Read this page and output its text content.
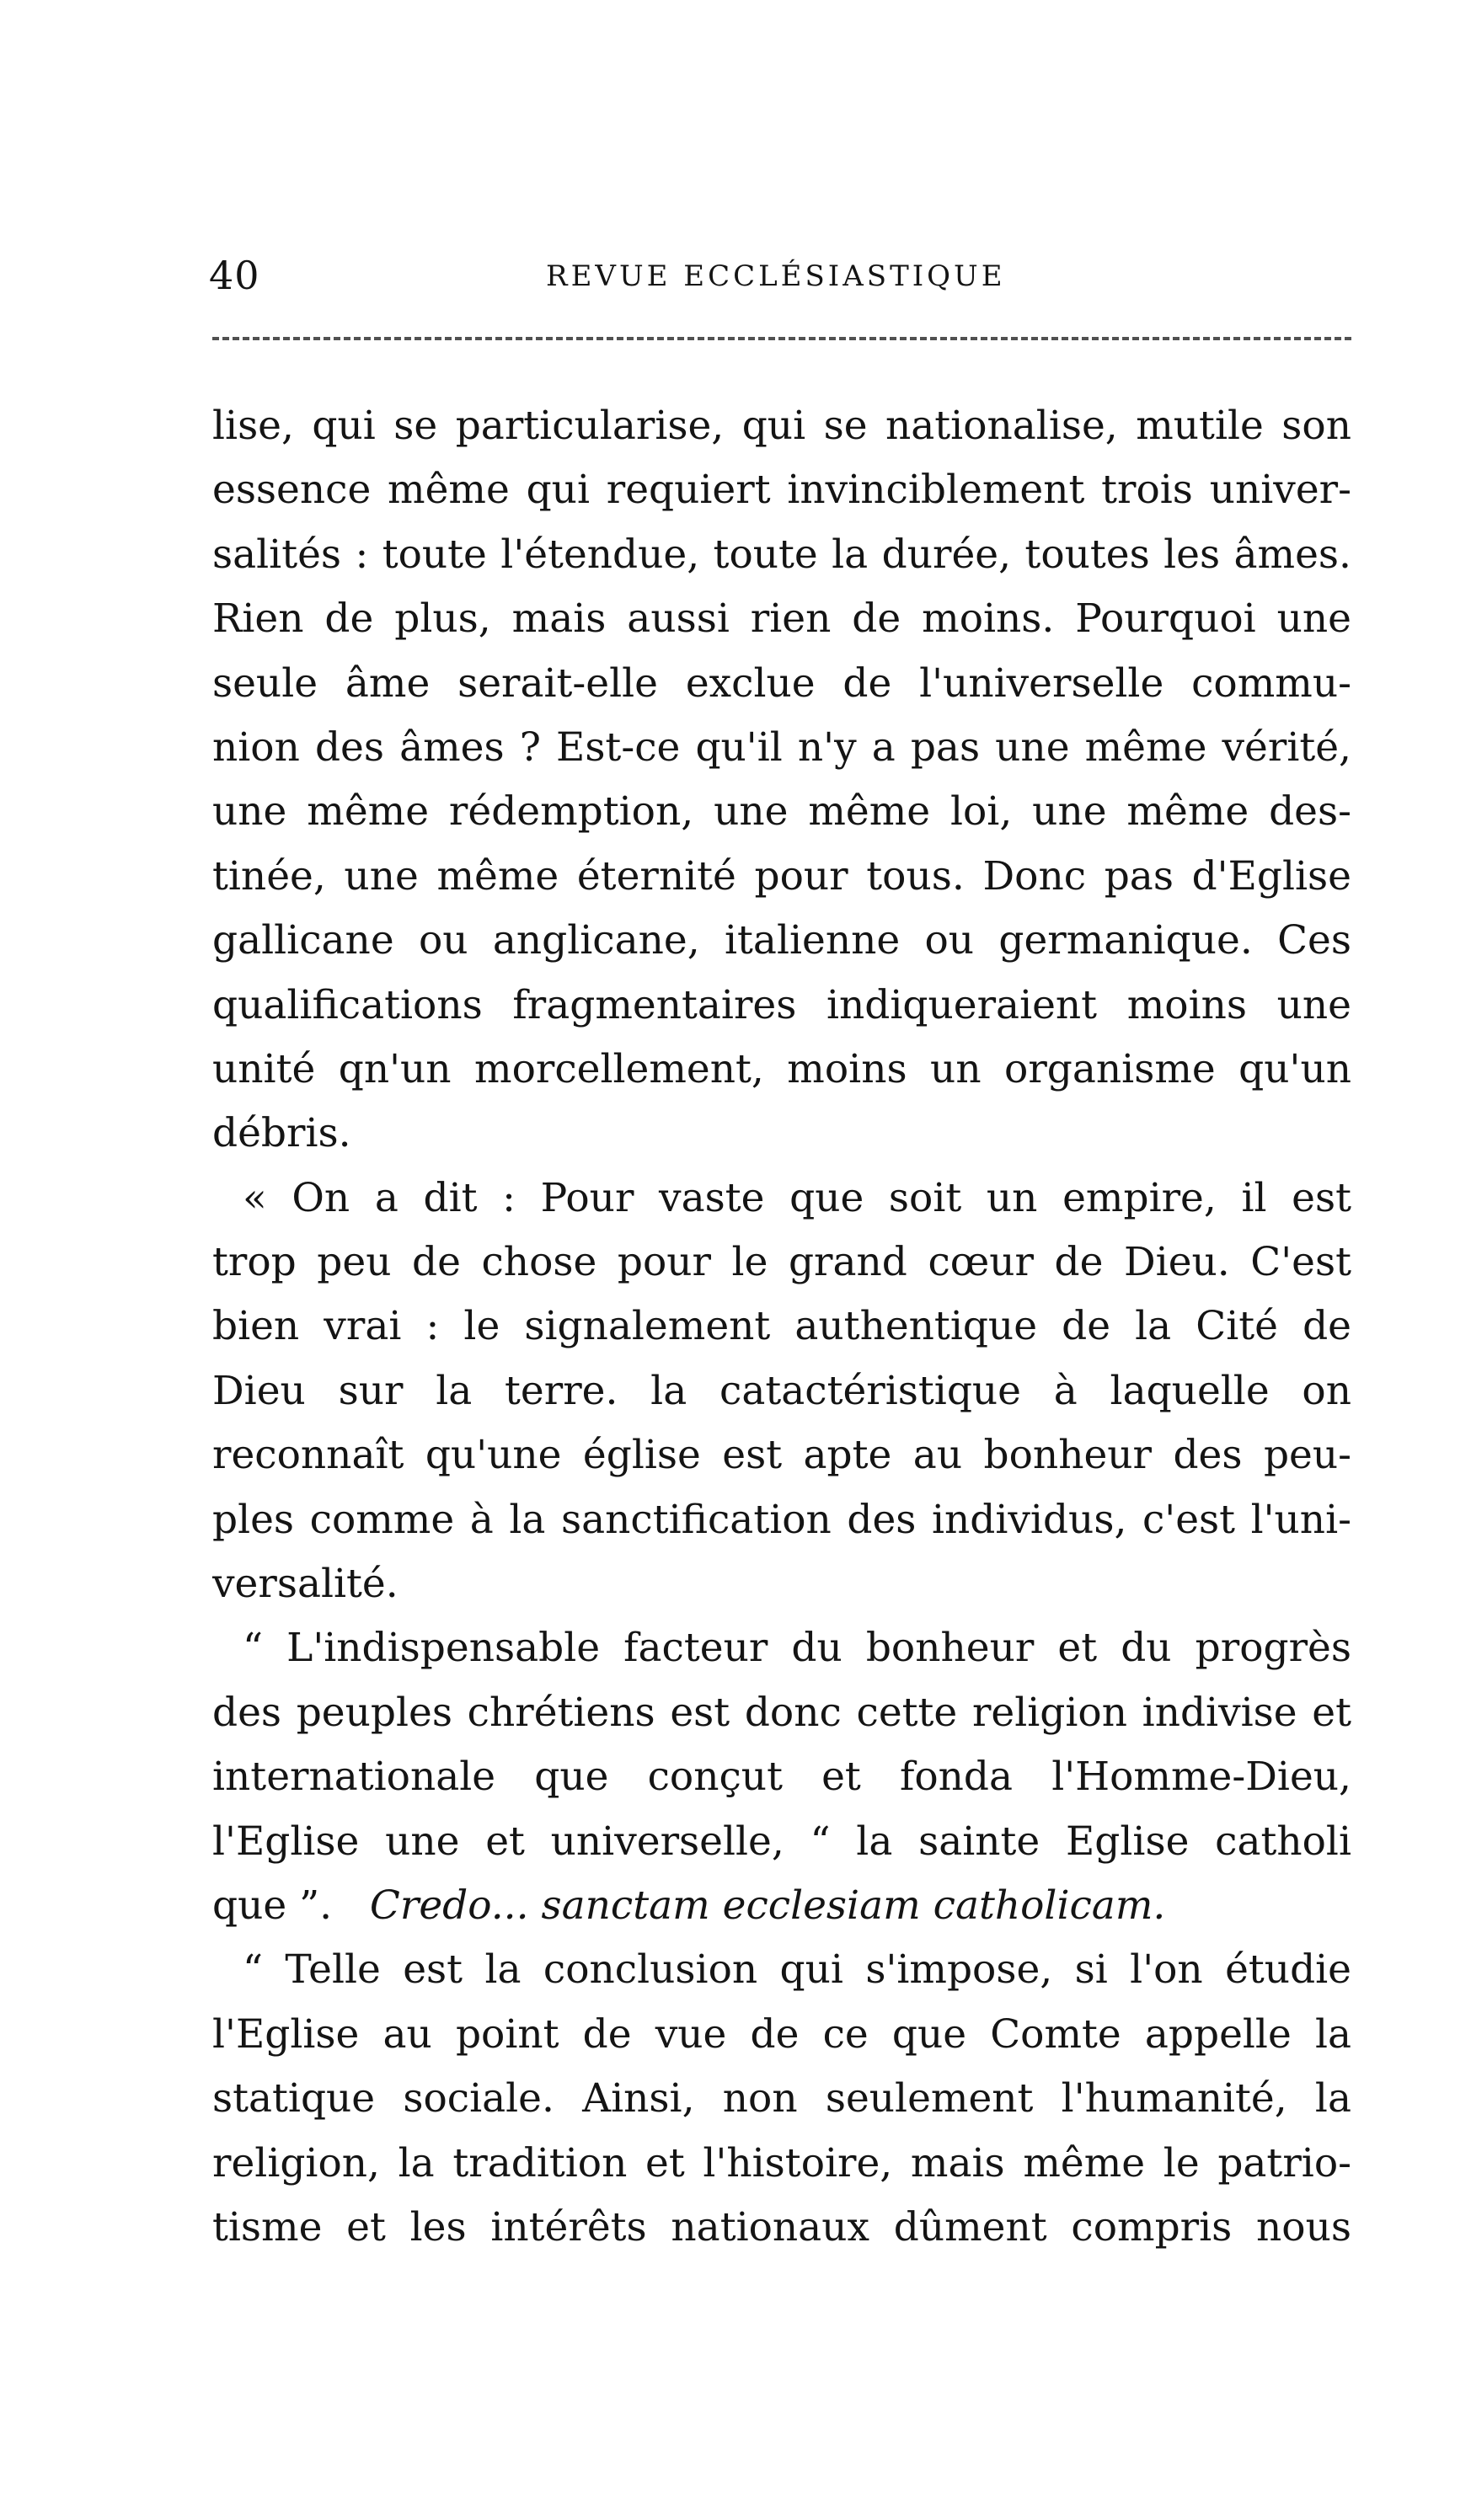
40	REVUE ECCLÉSIASTIQUE
lise, qui se particularise, qui se nationalise, mutile son
essence même qui requiert invinciblement trois univer-
salités : toute l'étendue, toute la durée, toutes les âmes.
Rien de plus, mais aussi rien de moins. Pourquoi une
seule âme serait-elle exclue de l'universelle commu-
nion des âmes ? Est-ce qu'il n'y a pas une même vérité,
une même rédemption, une même loi, une même des-
tinée, une même éternité pour tous. Donc pas d'Eglise
gallicane ou anglicane, italienne ou germanique. Ces
qualifications fragmentaires indiqueraient moins une
unité qn'un morcellement, moins un organisme qu'un
débris.
« On a dit : Pour vaste que soit un empire, il est
trop peu de chose pour le grand cœur de Dieu. C'est
bien vrai : le signalement authentique de la Cité de
Dieu sur la terre. la catactéristique à laquelle on
reconnaît qu'une église est apte au bonheur des peu-
ples comme à la sanctification des individus, c'est l'uni-
versalité.
“ L'indispensable facteur du bonheur et du progrès
des peuples chrétiens est donc cette religion indivise et
internationale que conçut et fonda l'Homme-Dieu,
l'Eglise une et universelle, “ la sainte Eglise catholi
que ”. Credo... sanctam ecclesiam catholicam.
“ Telle est la conclusion qui s'impose, si l'on étudie
l'Eglise au point de vue de ce que Comte appelle la
statique sociale. Ainsi, non seulement l'humanité, la
religion, la tradition et l'histoire, mais même le patrio-
tisme et les intérêts nationaux dûment compris nous
